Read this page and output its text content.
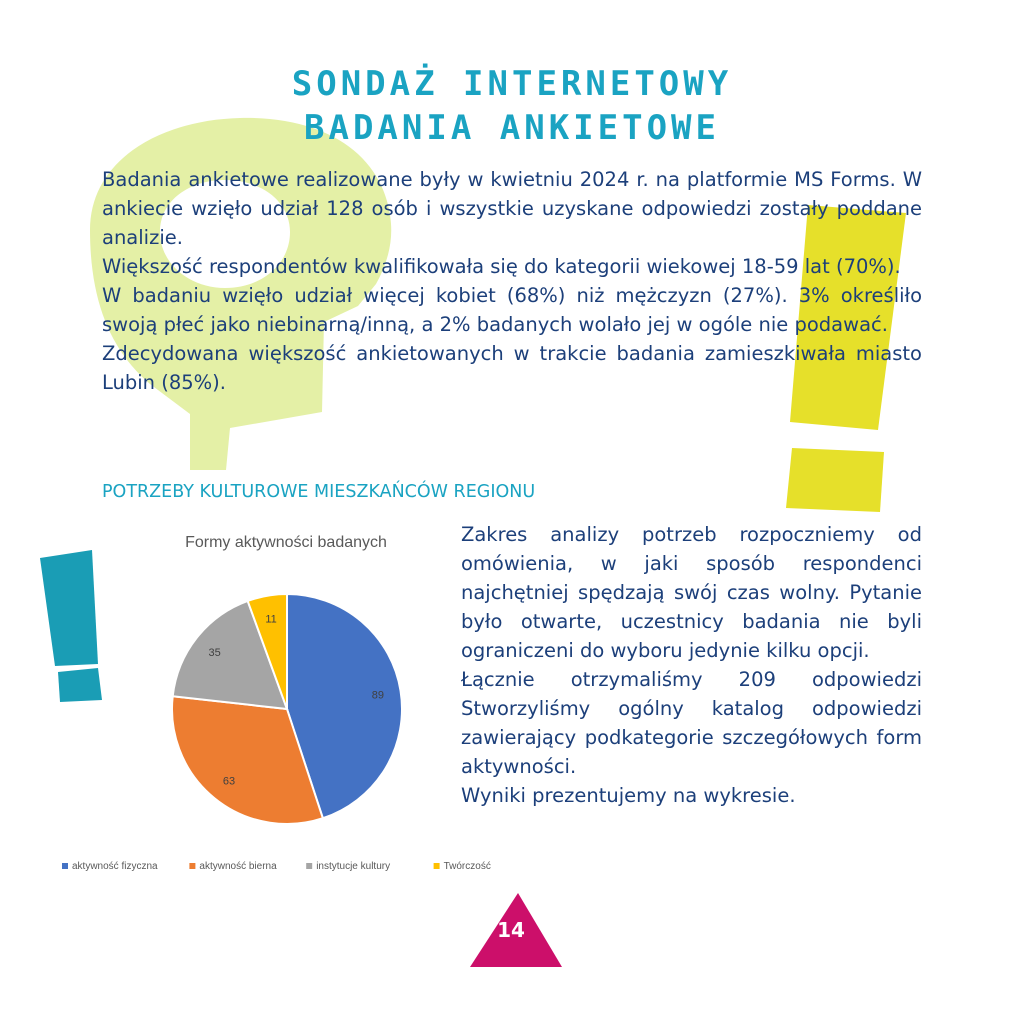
SONDAŻ INTERNETOWY
BADANIA ANKIETOWE

Badania ankietowe realizowane były w kwietniu 2024 r. na platformie MS Forms. W ankiecie wzięło udział 128 osób i wszystkie uzyskane odpowiedzi zostały poddane analizie.

Większość respondentów kwalifikowała się do kategorii wiekowej 18-59 lat (70%).

W badaniu wzięło udział więcej kobiet (68%) niż mężczyzn (27%). 3% określiło swoją płeć jako niebinarną/inną, a 2% badanych wolało jej w ogóle nie podawać.

Zdecydowana większość ankietowanych w trakcie badania zamieszkiwała miasto Lubin (85%).

POTRZEBY KULTUROWE MIESZKAŃCÓW REGIONU
Formy aktywności badanych
89
63
35
11
aktywność fizyczna	aktywność bierna	instytucje kultury	Twórczość

Zakres analizy potrzeb rozpoczniemy od omówienia, w jaki sposób respondenci najchętniej spędzają swój czas wolny. Pytanie było otwarte, uczestnicy badania nie byli ograniczeni do wyboru jedynie kilku opcji.

Łącznie otrzymaliśmy 209 odpowiedzi Stworzyliśmy ogólny katalog odpowiedzi zawierający podkategorie szczegółowych form aktywności.

Wyniki prezentujemy na wykresie.

14
